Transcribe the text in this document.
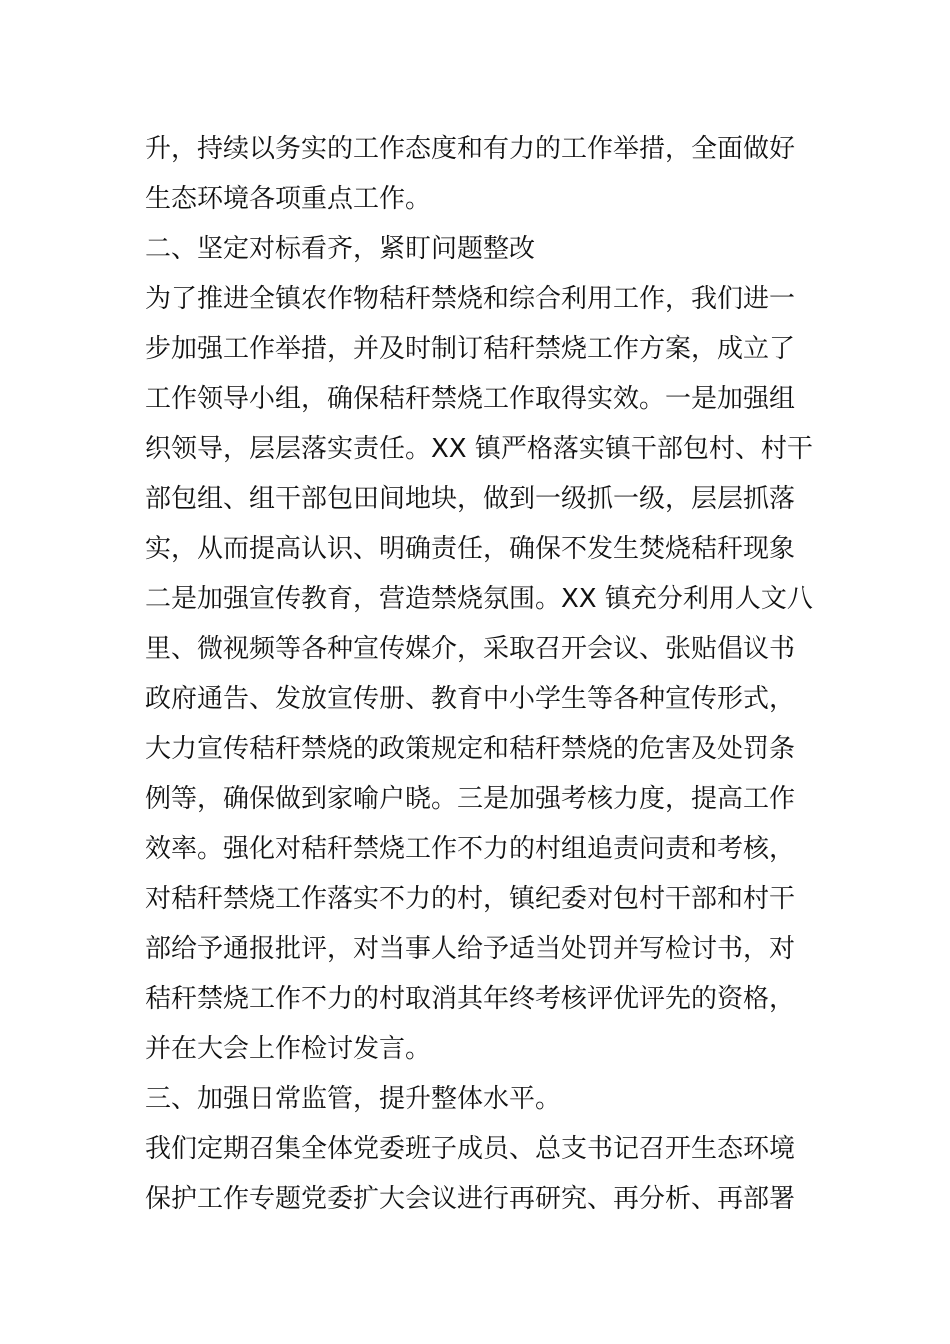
升，持续以务实的工作态度和有力的工作举措，全面做好
生态环境各项重点工作。
二、坚定对标看齐，紧盯问题整改
为了推进全镇农作物秸秆禁烧和综合利用工作，我们进一
步加强工作举措，并及时制订秸秆禁烧工作方案，成立了
工作领导小组，确保秸秆禁烧工作取得实效。一是加强组
织领导，层层落实责任。XX 镇严格落实镇干部包村、村干
部包组、组干部包田间地块，做到一级抓一级，层层抓落
实，从而提高认识、明确责任，确保不发生焚烧秸秆现象
二是加强宣传教育，营造禁烧氛围。XX 镇充分利用人文八
里、微视频等各种宣传媒介，采取召开会议、张贴倡议书
政府通告、发放宣传册、教育中小学生等各种宣传形式，
大力宣传秸秆禁烧的政策规定和秸秆禁烧的危害及处罚条
例等，确保做到家喻户晓。三是加强考核力度，提高工作
效率。强化对秸秆禁烧工作不力的村组追责问责和考核，
对秸秆禁烧工作落实不力的村，镇纪委对包村干部和村干
部给予通报批评，对当事人给予适当处罚并写检讨书，对
秸秆禁烧工作不力的村取消其年终考核评优评先的资格，
并在大会上作检讨发言。
三、加强日常监管，提升整体水平。
我们定期召集全体党委班子成员、总支书记召开生态环境
保护工作专题党委扩大会议进行再研究、再分析、再部署
